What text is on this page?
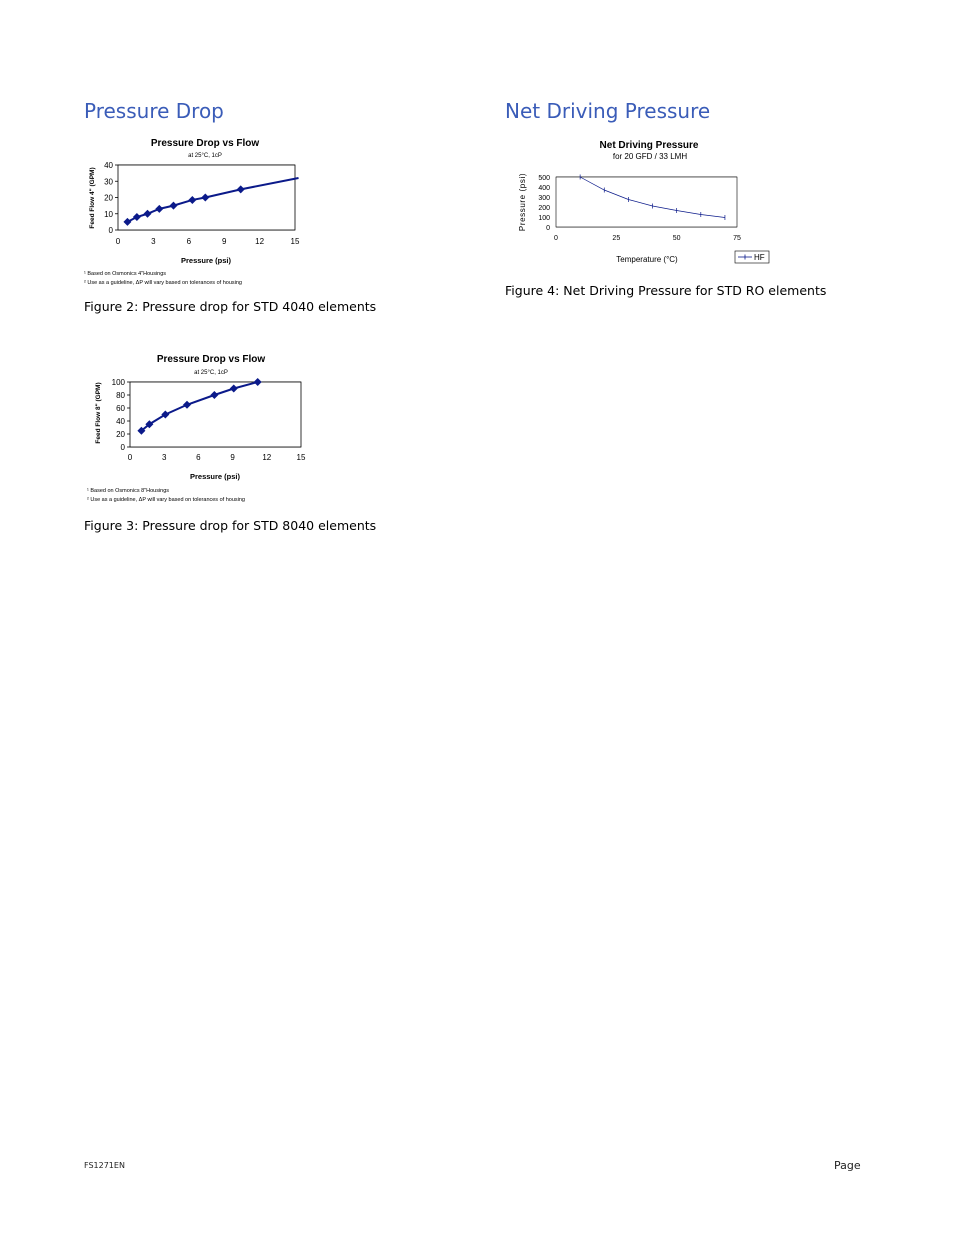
Pressure Drop	Net Driving Pressure
Pressure Drop vs Flow
at 25°C, 1cP
0	3	6	9	12	15
0
10
20
30
40
Pressure (psi)
Feed Flow 4" (GPM)
¹ Based on Osmonics 4"Housings
² Use as a guideline, ΔP will vary based on tolerances of housing

Figure 2: Pressure drop for STD 4040 elements

Pressure Drop vs Flow
at 25°C, 1cP
0	3	6	9	12	15
0
20
40
60
80
100
Pressure (psi)
Feed Flow 8" (GPM)
¹ Based on Osmonics 8"Housings
² Use as a guideline, ΔP will vary based on tolerances of housing

Figure 3: Pressure drop for STD 8040 elements

Net Driving Pressure
for 20 GFD / 33 LMH
0	25	50	75
0
100
200
300
400
500
Temperature (°C)
Pressure (psi)
HF

Figure 4: Net Driving Pressure for STD RO elements

FS1271EN	Page
